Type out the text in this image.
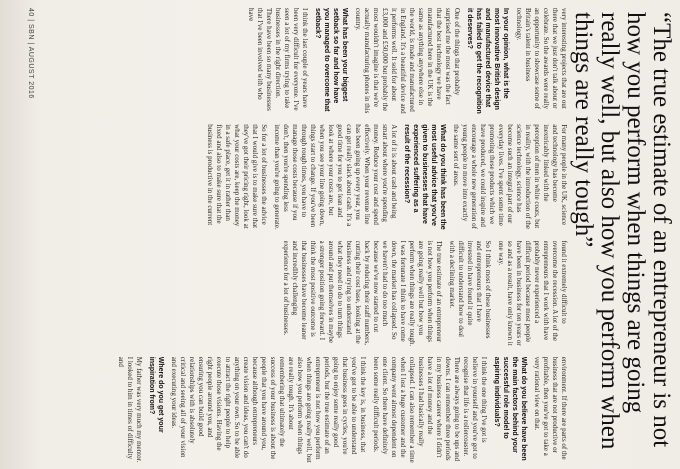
40 | SBN | AUGUST 2016	“The true estimate of an entrepreneur is not how you perform when things are going really well, but also how you perform when things are really tough”

very interesting projects that are out there that we just don't talk about or celebrate. So the awards were really an opportunity to showcase some of Britain's talent in business technology.

In your opinion, what is the most innovative British design and manufactured device that has failed to get the recognition it deserves?

One of the things that probably surprised me the most was the fact that the best technology we have manufactured here in the UK is the same as anything anywhere else in the world, is made and manufactured in England. It's a beautiful device and it performs well. It sold for about £3,000 and £50,000 but probably the most wouldn't imagine is that we're actually manufacturing phones in this country.

What has been your biggest setback so far and how have you managed to overcome that setback?

I think the last couple of years have been very difficult for everyone. I've seen a lot of my firms trying to take businesses in the right direction. There have been so many businesses that I've been involved with who have

For many people in the UK, science and technology has become inextricably linked with the perception of men in white coats, but in reality, with the introduction of the science technology, science has become such an integral part of our everyday lives. I've spent some time promoting these products which we have produced, we could inspire and encourage a whole new generation of young people to move into exactly the same sort of areas.

What do you think has been the most useful advice that you've given to businesses that have experienced suffering as a result of the recession?

A lot of it is about cash and being smart about where you're spending money. Reduce your cost and spend effectively. When your revenue line has been going up every year, you can get really slack about cash. It's a good time for you to get lean and look at where your costs are, but when you see your line going down, things start to change. If you've been through rough times, you have to manage those costs because if you don't, then you're spending less income than you're going to generate.

So for a lot of businesses the advice that I would give is to make sure that they've got their pricing right, look at what your costs are, keep the money in a safe place, get it in rather than fixed and also to make sure that the business is productive in the current

found it extremely difficult to overcome the recession. A lot of the entrepreneurs that I work with have probably never experienced a difficult period because most people have been in business for ten years or so and as a result, have only known it one way.

So I think most of these businesses and entrepreneurs that I have invested in have found it quite difficult to understand how to deal with a declining market.

The true estimate of an entrepreneur is not how you perform when things are going really well but how you perform when things are really tough. I was fortunate I think to have come down, the market has collapsed. So we haven't had to do too much because we've now started to cut back by reducing their staff numbers, cutting their cost base, looking at the business and trying to understand what they need to do to turn things around and put themselves in maybe a stronger position going forward. I think the most positive outcome is that businesses have become leaner and incredibly challenging experience for a lot of businesses.

environment. If there are parts of the business that are not productive or profitable, then you've got to take a very rational view on that.

What do you believe have been the main factors behind your successful role model to aspiring individuals?

I think the one thing I've got is believe in yourself and you've got to recognise that life is a rollercoaster. There are always going to be ups and downs. I can remember three periods in my business career where I didn't have a lot of money and the businesses I had basically really collapsed. I can also remember a time when I lost a huge customer and the company went almost dependent on one client. So there have definitely been some really difficult periods.

I think the key is, in business, that you've got to be able to understand that business goes in cycles, you're going to enjoy some really good periods, but the true estimate of an entrepreneur is not how you perform when things are going really well, but also how you perform when things are really tough. It's about remembering that ultimately the success of your business is about the people that you have around you, because although entrepreneurs create vision and ideas, you can't do anything on your own. So to be able to attract the right people to help execute those visions. Having the right people around you, and ensuring you can build good relationships with is absolutely critical and seeing all of your vision and executing your ideas.

Where do you get your inspiration from?

My father was very much my mentor. I looked to him in times of difficulty and
